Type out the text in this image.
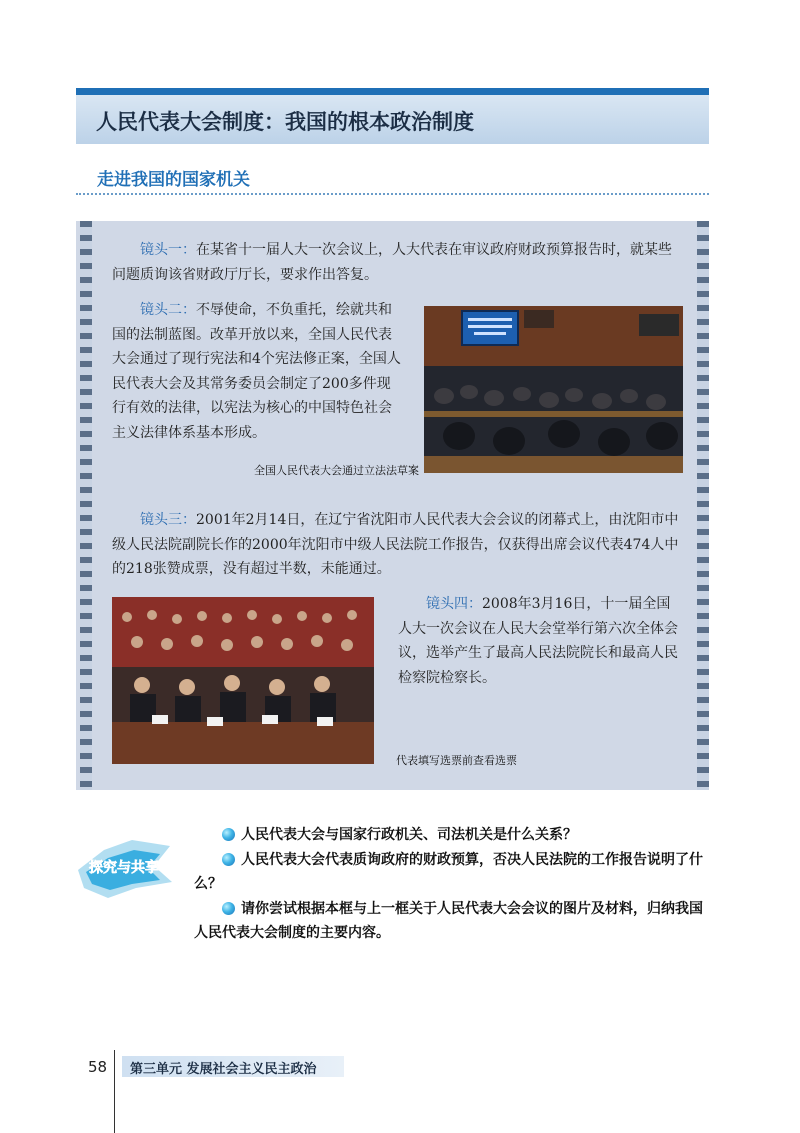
人民代表大会制度：我国的根本政治制度
走进我国的国家机关
镜头一：在某省十一届人大一次会议上，人大代表在审议政府财政预算报告时，就某些问题质询该省财政厅厅长，要求作出答复。
镜头二：不辱使命，不负重托，绘就共和国的法制蓝图。改革开放以来，全国人民代表大会通过了现行宪法和4个宪法修正案，全国人民代表大会及其常务委员会制定了200多件现行有效的法律，以宪法为核心的中国特色社会主义法律体系基本形成。
全国人民代表大会通过立法法草案
镜头三：2001年2月14日，在辽宁省沈阳市人民代表大会会议的闭幕式上，由沈阳市中级人民法院副院长作的2000年沈阳市中级人民法院工作报告，仅获得出席会议代表474人中的218张赞成票，没有超过半数，未能通过。
镜头四：2008年3月16日，十一届全国人大一次会议在人民大会堂举行第六次全体会议，选举产生了最高人民法院院长和最高人民检察院检察长。
代表填写选票前查看选票
探究与共享
人民代表大会与国家行政机关、司法机关是什么关系？
人民代表大会代表质询政府的财政预算，否决人民法院的工作报告说明了什么？
请你尝试根据本框与上一框关于人民代表大会会议的图片及材料，归纳我国人民代表大会制度的主要内容。
58 第三单元 发展社会主义民主政治
